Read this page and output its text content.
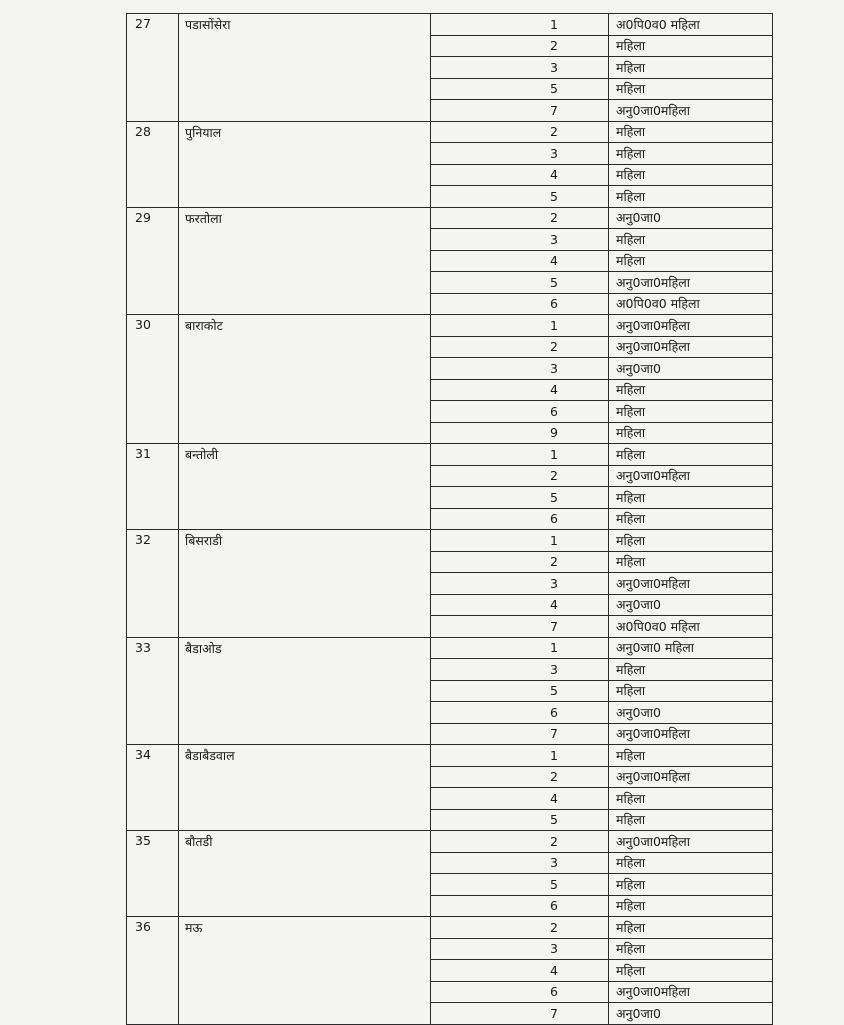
27	पडासोंसेरा	1	अ0पि0व0 महिला
		2	महिला
		3	महिला
		5	महिला
		7	अनु0जा0महिला
28	पुनियाल	2	महिला
		3	महिला
		4	महिला
		5	महिला
29	फरतोला	2	अनु0जा0
		3	महिला
		4	महिला
		5	अनु0जा0महिला
		6	अ0पि0व0 महिला
30	बाराकोट	1	अनु0जा0महिला
		2	अनु0जा0महिला
		3	अनु0जा0
		4	महिला
		6	महिला
		9	महिला
31	बन्तोली	1	महिला
		2	अनु0जा0महिला
		5	महिला
		6	महिला
32	बिसराडी	1	महिला
		2	महिला
		3	अनु0जा0महिला
		4	अनु0जा0
		7	अ0पि0व0 महिला
33	बैडाओड	1	अनु0जा0 महिला
		3	महिला
		5	महिला
		6	अनु0जा0
		7	अनु0जा0महिला
34	बैडाबैडवाल	1	महिला
		2	अनु0जा0महिला
		4	महिला
		5	महिला
35	बौतडी	2	अनु0जा0महिला
		3	महिला
		5	महिला
		6	महिला
36	मऊ	2	महिला
		3	महिला
		4	महिला
		6	अनु0जा0महिला
		7	अनु0जा0
